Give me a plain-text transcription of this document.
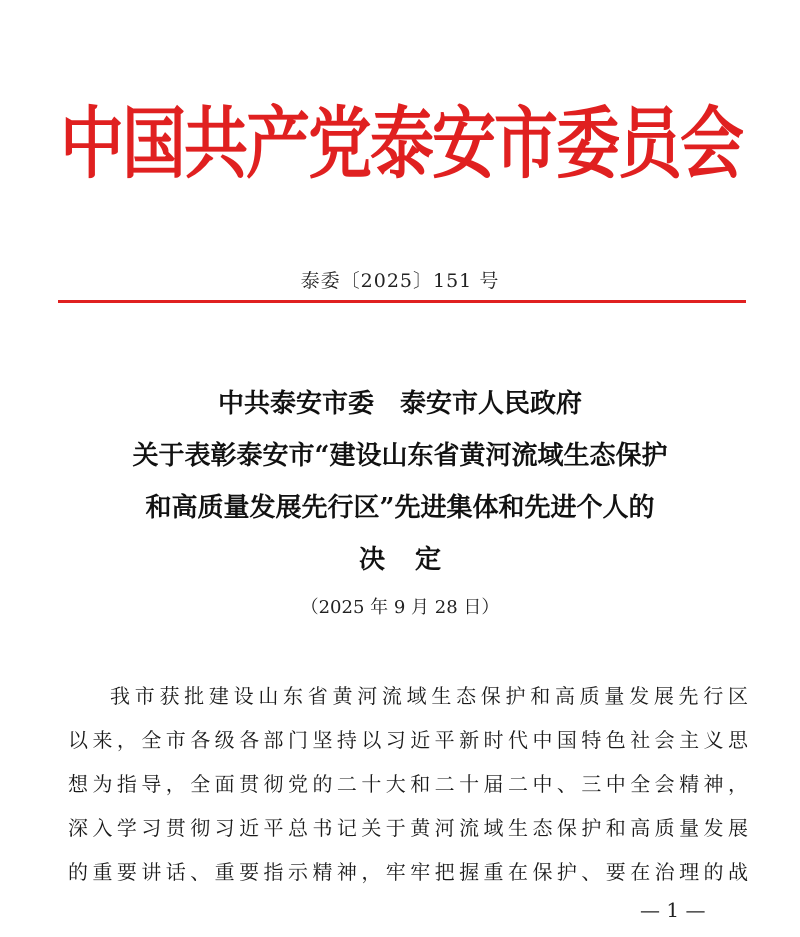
中国共产党泰安市委员会
泰委〔2025〕151 号
中共泰安市委　泰安市人民政府
关于表彰泰安市“建设山东省黄河流域生态保护
和高质量发展先行区”先进集体和先进个人的
决定
（2025 年 9 月 28 日）
我市获批建设山东省黄河流域生态保护和高质量发展先行区
以来，全市各级各部门坚持以习近平新时代中国特色社会主义思
想为指导，全面贯彻党的二十大和二十届二中、三中全会精神，
深入学习贯彻习近平总书记关于黄河流域生态保护和高质量发展
的重要讲话、重要指示精神，牢牢把握重在保护、要在治理的战
— 1 —
